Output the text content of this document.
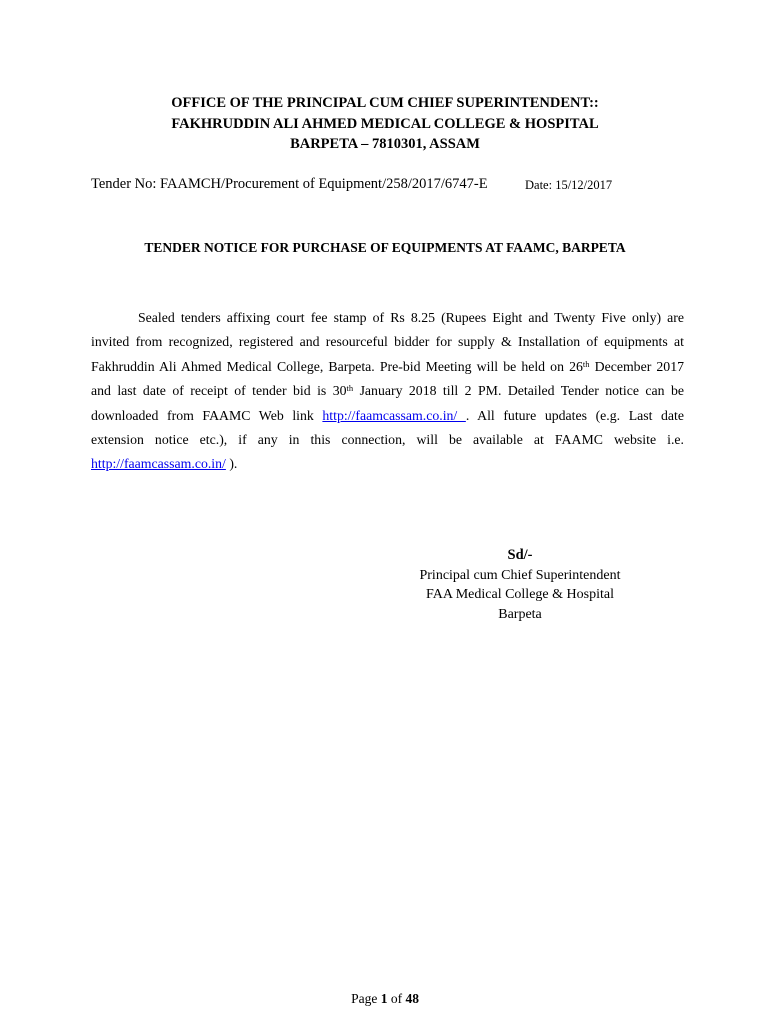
OFFICE OF THE PRINCIPAL CUM CHIEF SUPERINTENDENT::
FAKHRUDDIN ALI AHMED MEDICAL COLLEGE & HOSPITAL
BARPETA – 7810301, ASSAM
Tender No: FAAMCH/Procurement of Equipment/258/2017/6747-E	Date: 15/12/2017
TENDER NOTICE FOR PURCHASE OF EQUIPMENTS AT FAAMC, BARPETA
Sealed tenders affixing court fee stamp of Rs 8.25 (Rupees Eight and Twenty Five only) are
invited from recognized, registered and resourceful bidder for supply & Installation of equipments at
Fakhruddin Ali Ahmed Medical College, Barpeta. Pre-bid Meeting will be held on 26th December 2017
and last date of receipt of tender bid is 30th January 2018 till 2 PM. Detailed Tender notice can be
downloaded from FAAMC Web link http://faamcassam.co.in/ . All future updates (e.g. Last date
extension notice etc.), if any in this connection, will be available at FAAMC website i.e.
http://faamcassam.co.in/ ).
Sd/-
Principal cum Chief Superintendent
FAA Medical College & Hospital
Barpeta
Page 1 of 48
